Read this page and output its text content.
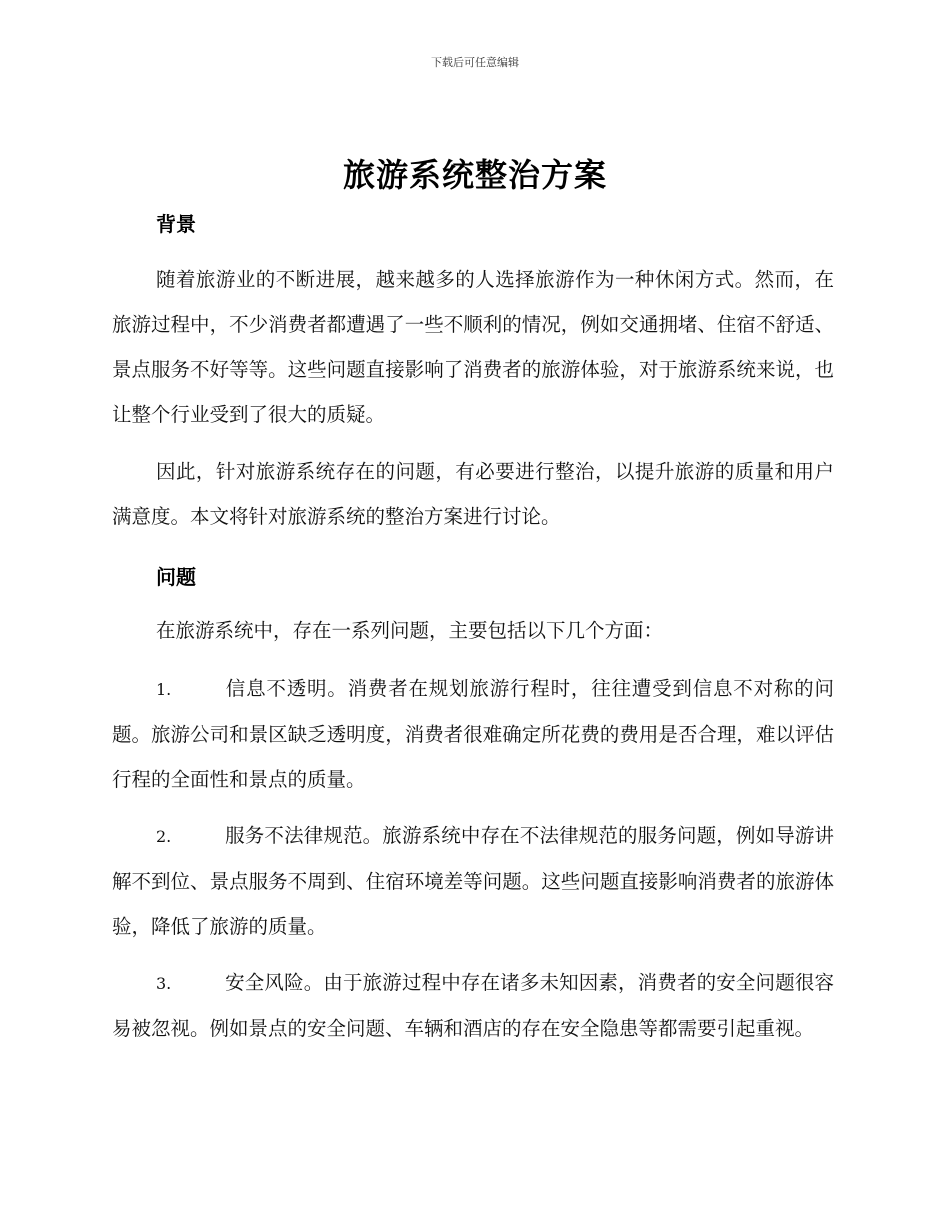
下载后可任意编辑
旅游系统整治方案
背景

随着旅游业的不断进展，越来越多的人选择旅游作为一种休闲方式。然而，在旅游过程中，不少消费者都遭遇了一些不顺利的情况，例如交通拥堵、住宿不舒适、景点服务不好等等。这些问题直接影响了消费者的旅游体验，对于旅游系统来说，也让整个行业受到了很大的质疑。

因此，针对旅游系统存在的问题，有必要进行整治，以提升旅游的质量和用户满意度。本文将针对旅游系统的整治方案进行讨论。

问题

在旅游系统中，存在一系列问题，主要包括以下几个方面：

1.	信息不透明。消费者在规划旅游行程时，往往遭受到信息不对称的问题。旅游公司和景区缺乏透明度，消费者很难确定所花费的费用是否合理，难以评估行程的全面性和景点的质量。
2.	服务不法律规范。旅游系统中存在不法律规范的服务问题，例如导游讲解不到位、景点服务不周到、住宿环境差等问题。这些问题直接影响消费者的旅游体验，降低了旅游的质量。
3.	安全风险。由于旅游过程中存在诸多未知因素，消费者的安全问题很容易被忽视。例如景点的安全问题、车辆和酒店的存在安全隐患等都需要引起重视。
